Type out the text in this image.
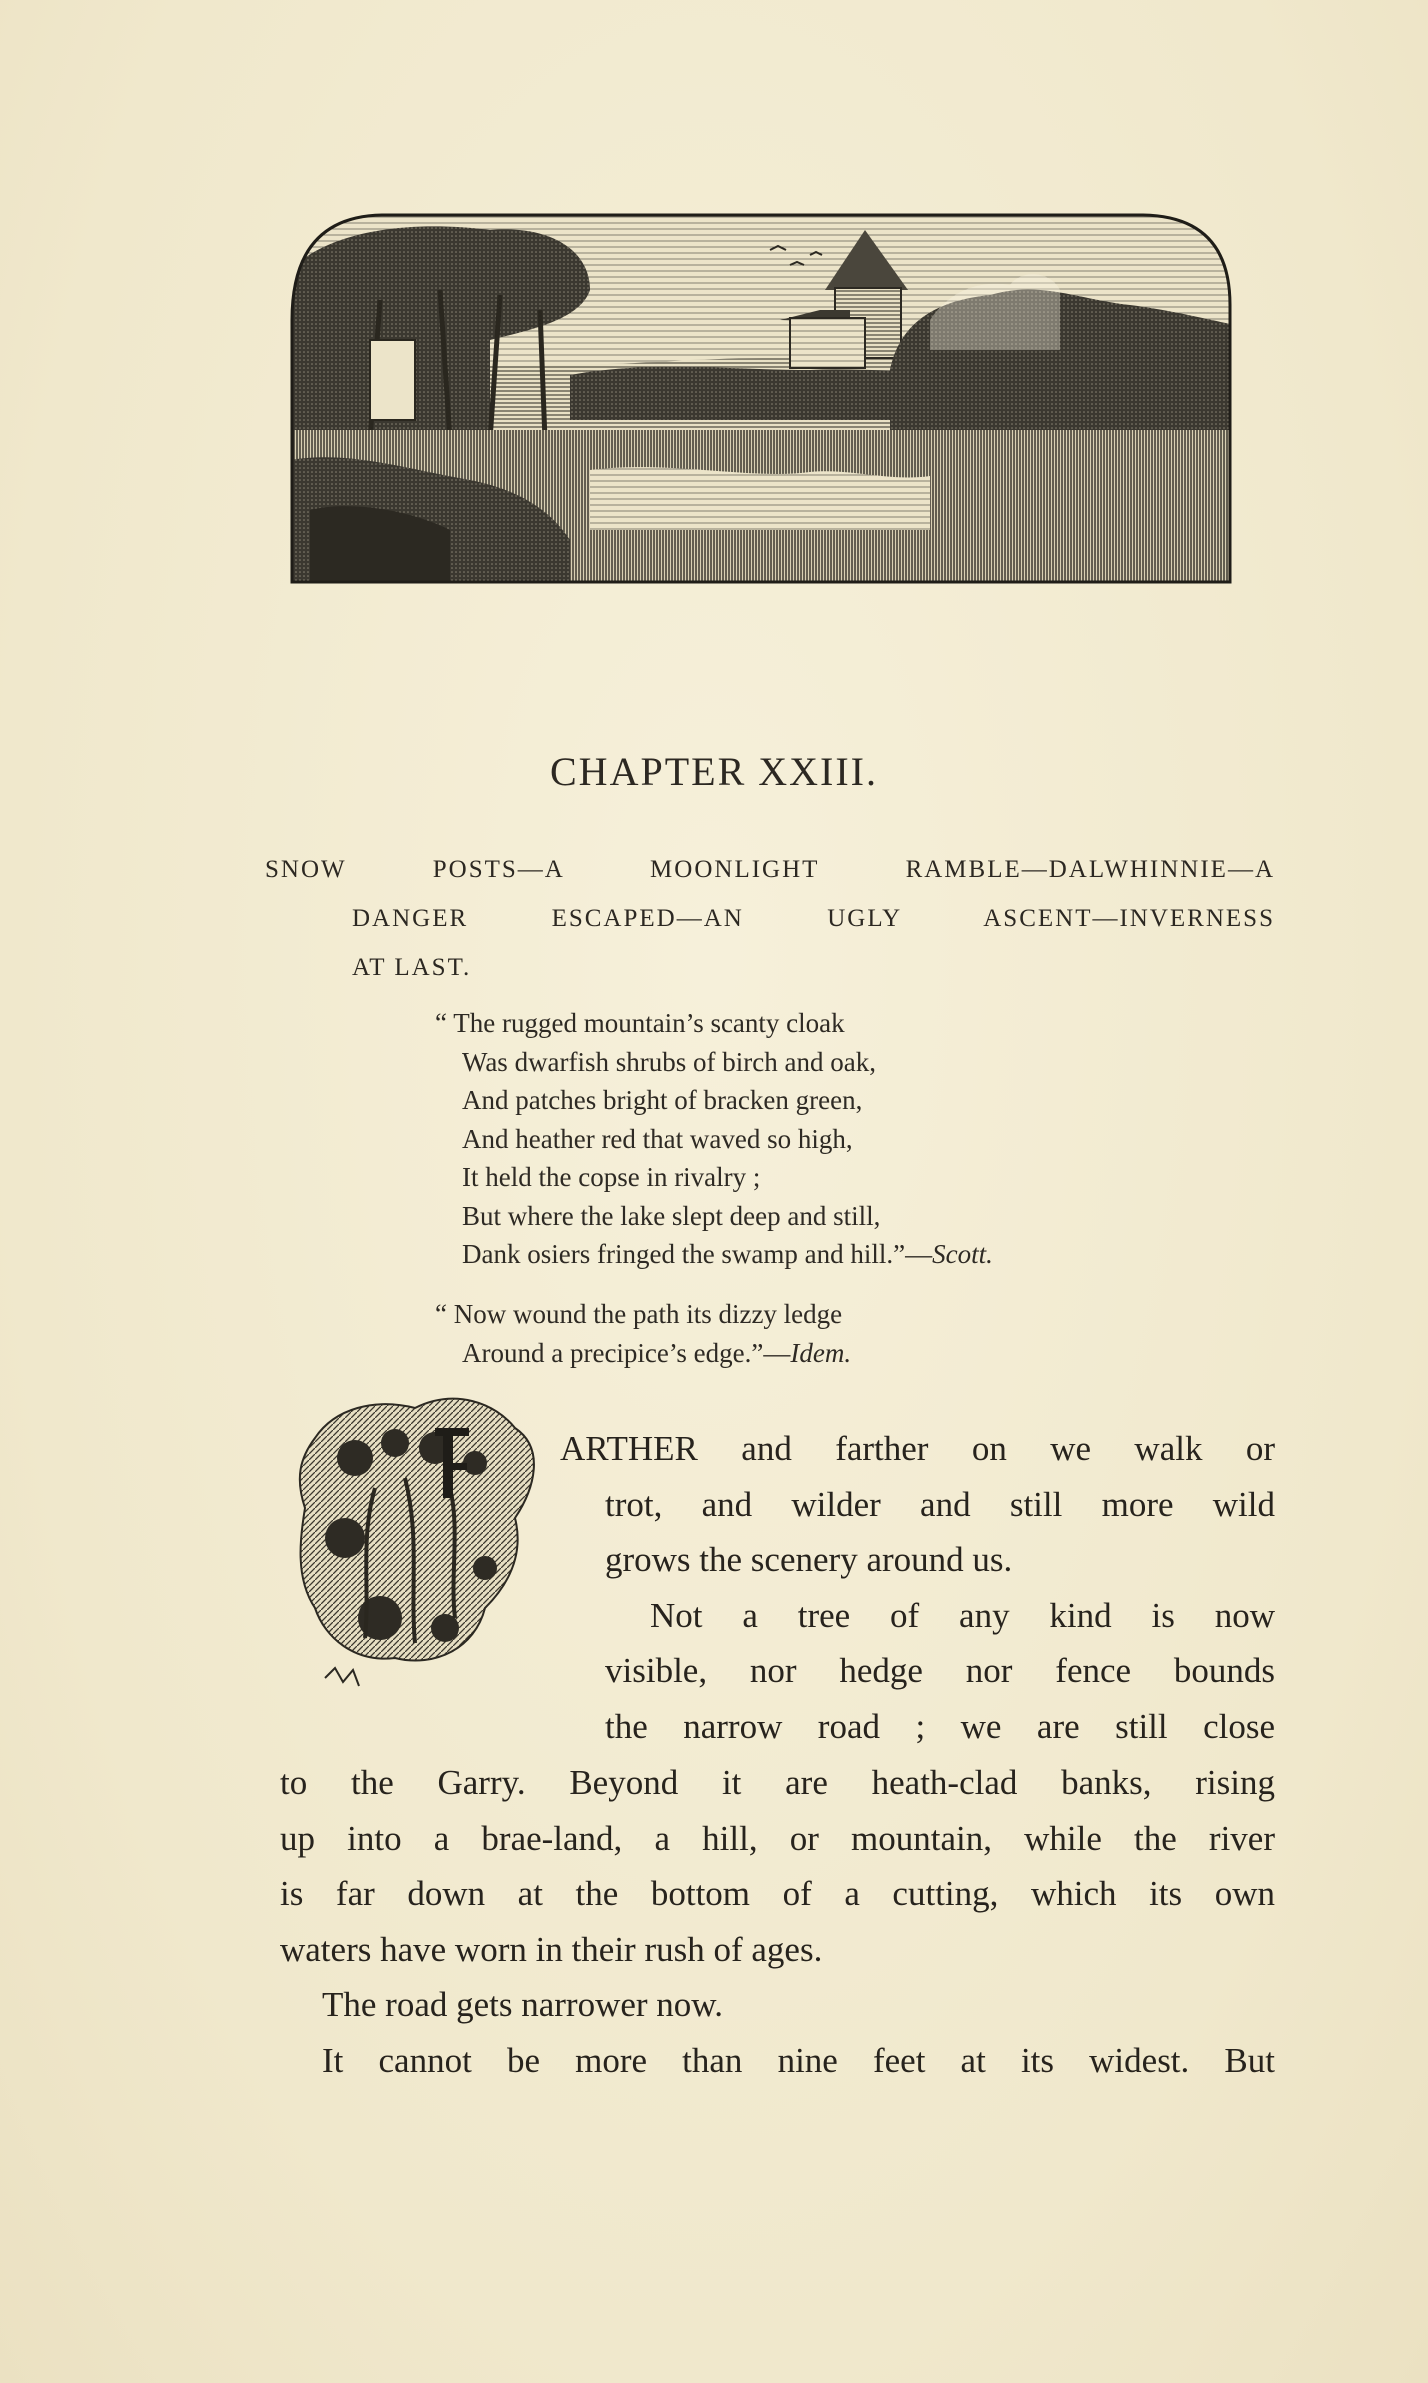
CHAPTER XXIII.
SNOW POSTS—A MOONLIGHT RAMBLE—DALWHINNIE—A
DANGER ESCAPED—AN UGLY ASCENT—INVERNESS
AT LAST.
“ The rugged mountain’s scanty cloak
Was dwarfish shrubs of birch and oak,
And patches bright of bracken green,
And heather red that waved so high,
It held the copse in rivalry ;
But where the lake slept deep and still,
Dank osiers fringed the swamp and hill.”—Scott.
“ Now wound the path its dizzy ledge
Around a precipice’s edge.”—Idem.
ARTHER and farther on we walk or
trot, and wilder and still more wild
grows the scenery around us.
Not a tree of any kind is now
visible, nor hedge nor fence bounds
the narrow road ; we are still close
to the Garry. Beyond it are heath-clad banks, rising
up into a brae-land, a hill, or mountain, while the river
is far down at the bottom of a cutting, which its own
waters have worn in their rush of ages.
The road gets narrower now.
It cannot be more than nine feet at its widest. But
